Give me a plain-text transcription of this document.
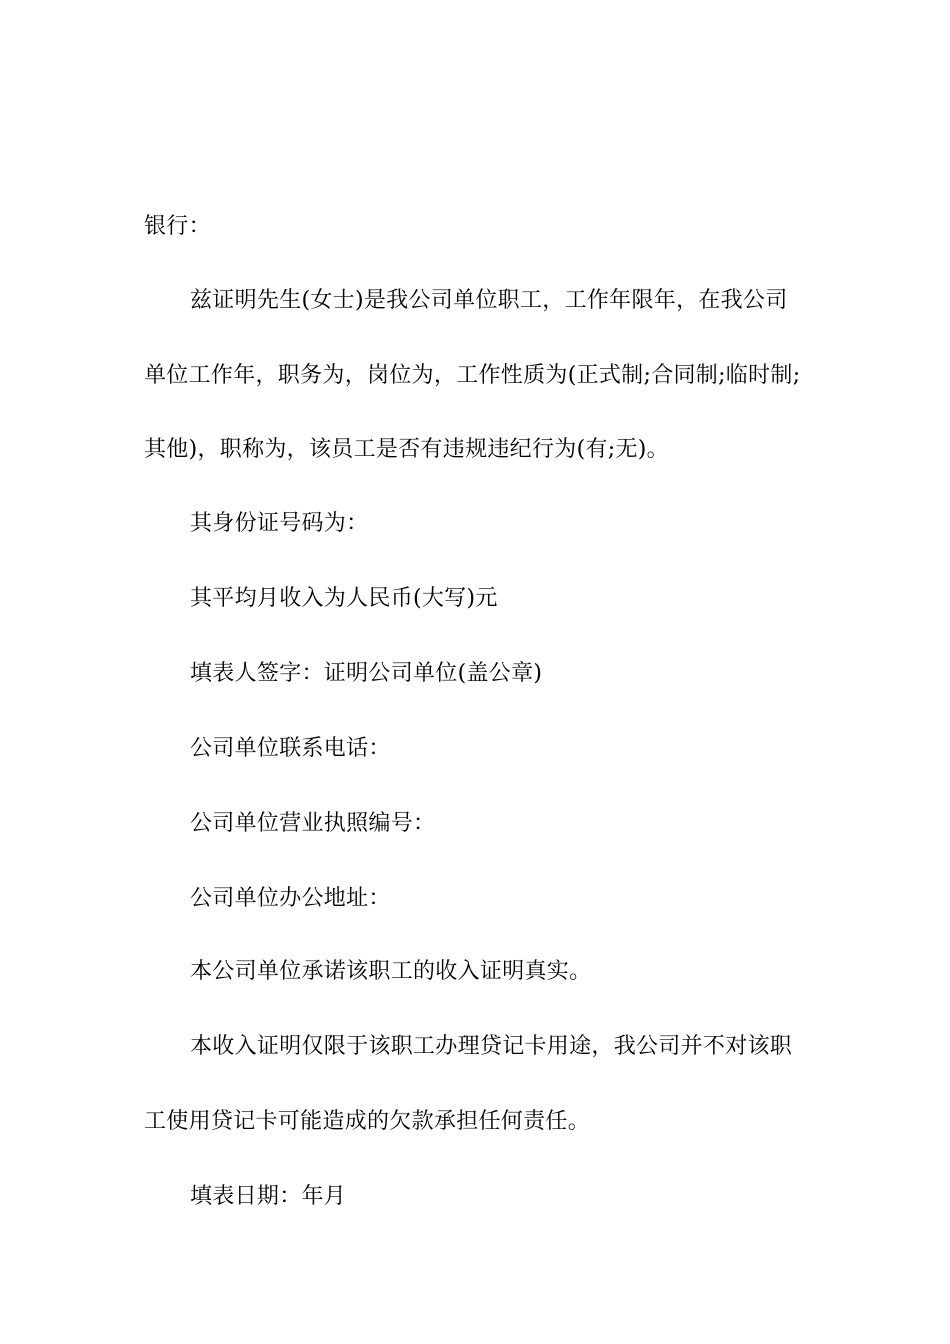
银行：
兹证明先生(女士)是我公司单位职工，工作年限年，在我公司
单位工作年，职务为，岗位为，工作性质为(正式制;合同制;临时制;
其他)，职称为，该员工是否有违规违纪行为(有;无)。
其身份证号码为：
其平均月收入为人民币(大写)元
填表人签字：证明公司单位(盖公章)
公司单位联系电话：
公司单位营业执照编号：
公司单位办公地址：
本公司单位承诺该职工的收入证明真实。
本收入证明仅限于该职工办理贷记卡用途，我公司并不对该职
工使用贷记卡可能造成的欠款承担任何责任。
填表日期：年月
